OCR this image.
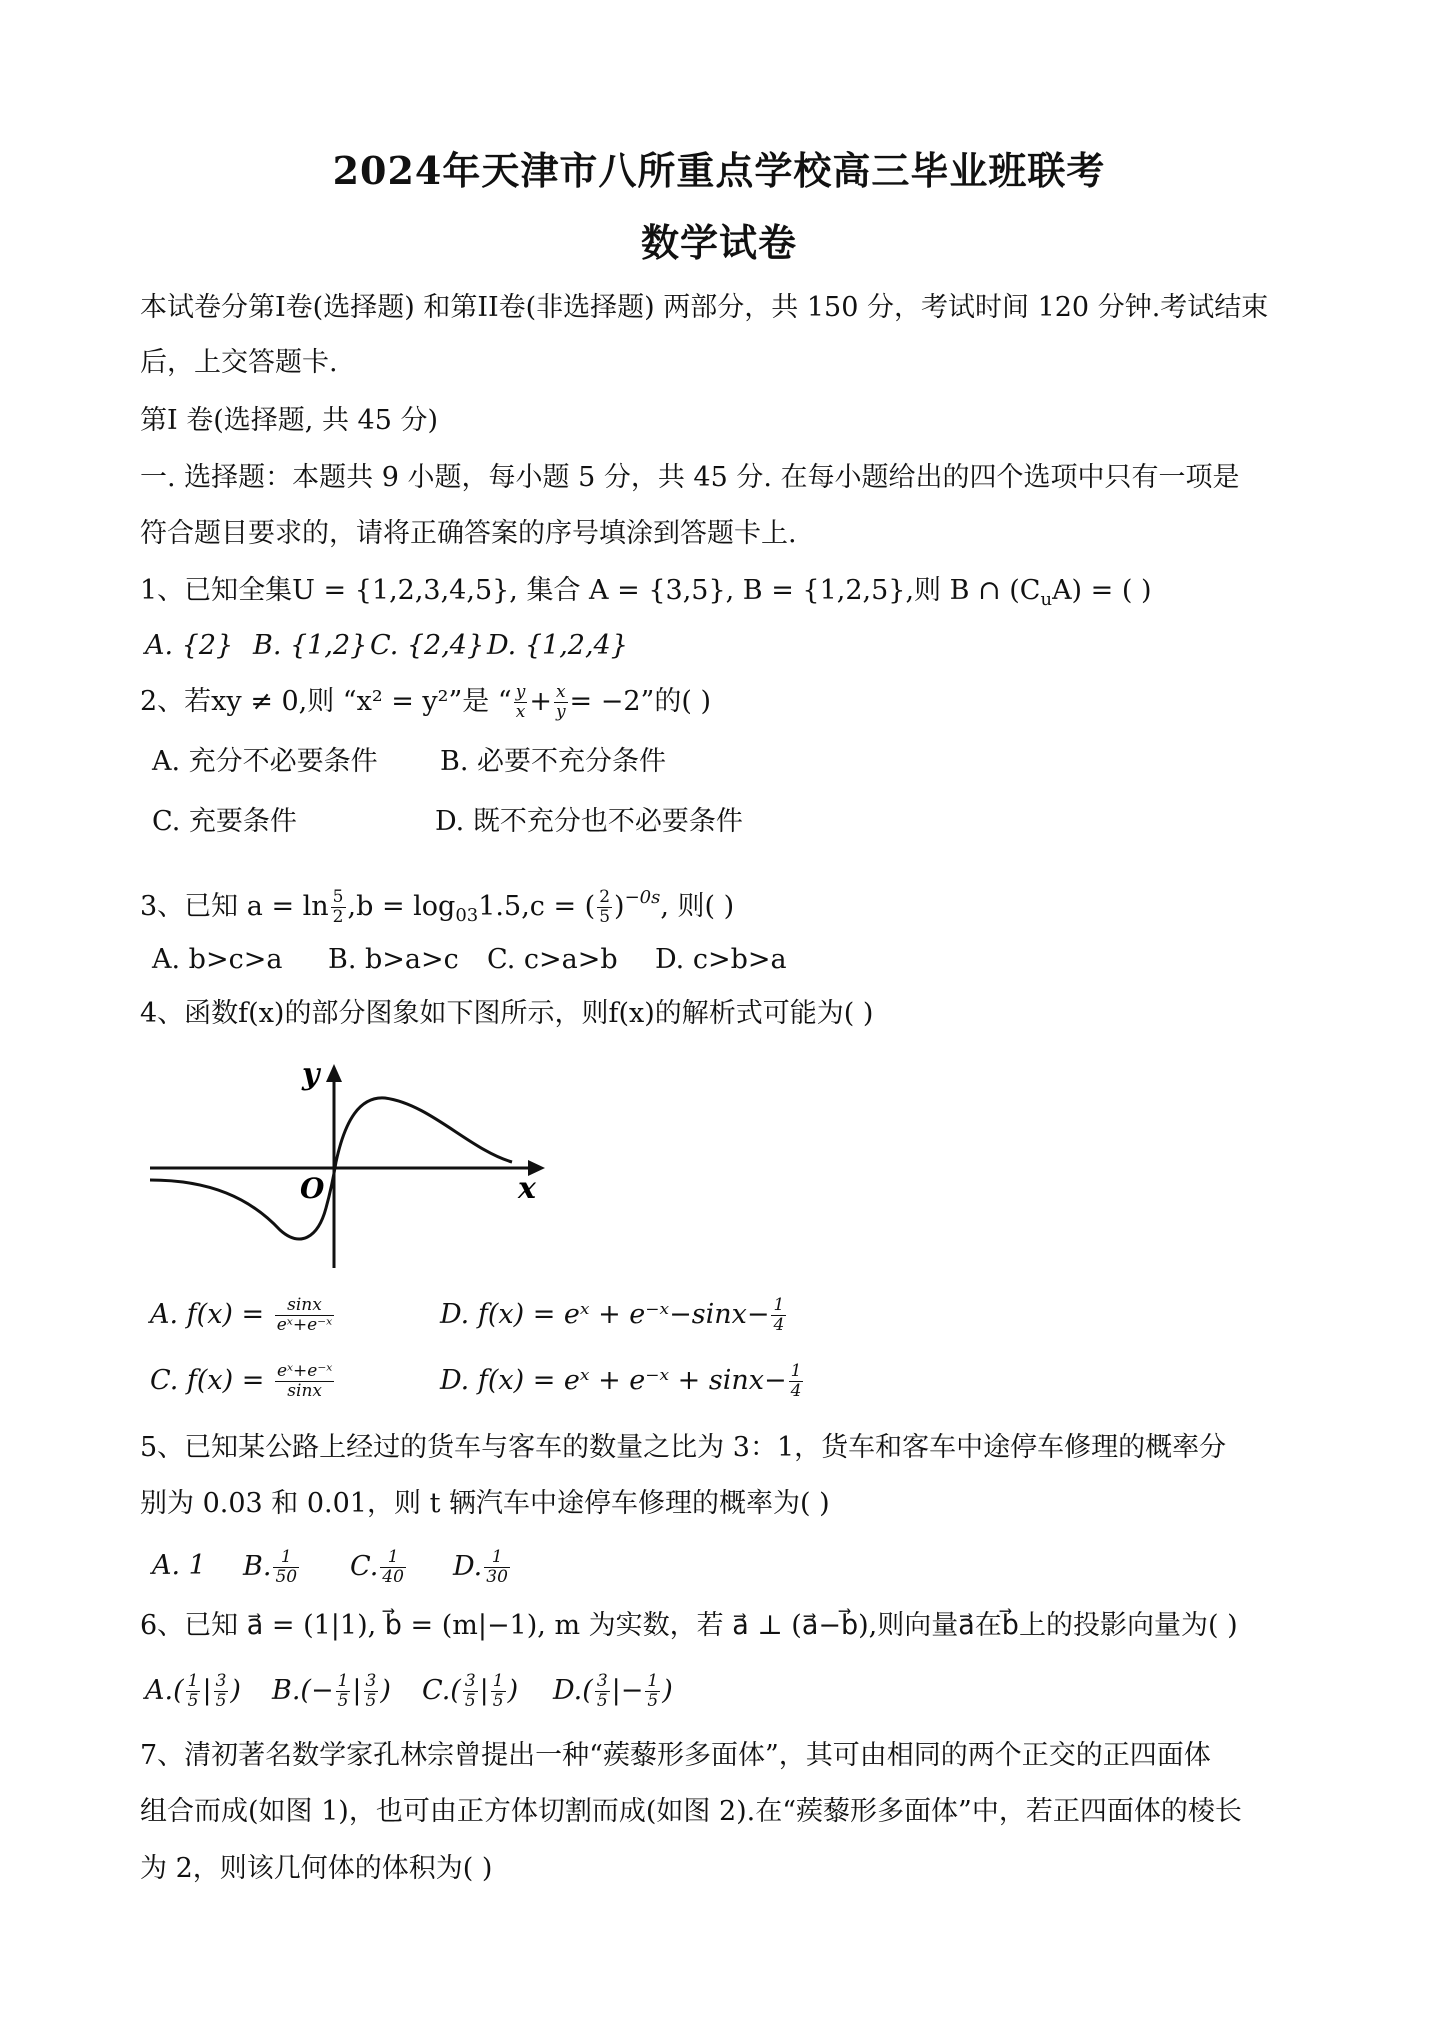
2024年天津市八所重点学校高三毕业班联考
数学试卷
本试卷分第I卷(选择题) 和第II卷(非选择题) 两部分，共 150 分，考试时间 120 分钟.考试结束
后，上交答题卡.
第I 卷(选择题, 共 45 分)
一. 选择题：本题共 9 小题，每小题 5 分，共 45 分. 在每小题给出的四个选项中只有一项是
符合题目要求的，请将正确答案的序号填涂到答题卡上.
1、已知全集U = {1,2,3,4,5}, 集合 A = {3,5}, B = {1,2,5},则 B ∩ $(C_uA)$ = ( )
A. {2} B. {1,2} C. {2,4} D. {1,2,4}
2、若xy ≠ 0,则 “x² = y²”是 “ $\frac{y}{x} + \frac{x}{y} = -2$”的( )
A. 充分不必要条件 B. 必要不充分条件
C. 充要条件	D. 既不充分也不必要条件
3、已知 $a = \ln \frac{5}{2} ,b = \log_{03}1.5,c$ = ( $\frac{2}{5} )^{-0s}$, 则( )
A. b>c>a B. b>a>c C. c>a>b D. c>b>a
4、函数f(x)的部分图象如下图所示，则f(x)的解析式可能为( )
y
x
O
A. $f(x) = \frac{\sin x}{\text{eˣ+e⁻ˣ}}$	D. f(x) = eˣ + e⁻ˣ−sinx− $\frac{1}{4}$
C. $f(x) = \frac{\text{eˣ+e⁻ˣ}}{\sin x}$	D. f(x) = eˣ + e⁻ˣ + $\sin x- \frac{1}{4}$
5、已知某公路上经过的货车与客车的数量之比为 3：1，货车和客车中途停车修理的概率分
别为 0.03 和 0.01，则 t 辆汽车中途停车修理的概率为( )
A. 1 B. $\frac{1}{50} C$. $\frac{1}{40} D$. $\frac{1}{30}$
6、已知 a⃗ = (1|1), b⃗ = (m|−1), m 为实数，若 a⃗ ⊥ (a⃗−b⃗),则向量a⃗在b⃗上的投影向量为( )
$A.( \frac{1}{5}$ | $\frac{3}{5}$ ) $B.(- \frac{1}{5}$ | $\frac{3}{5}$ ) $C.( \frac{3}{5}$ | $\frac{1}{5}$ ) $D.( \frac{3}{5}$ |− $\frac{1}{5}$ )
7、清初著名数学家孔林宗曾提出一种“蒺藜形多面体”，其可由相同的两个正交的正四面体
组合而成(如图 1)，也可由正方体切割而成(如图 2).在“蒺藜形多面体”中，若正四面体的棱长
为 2，则该几何体的体积为( )
